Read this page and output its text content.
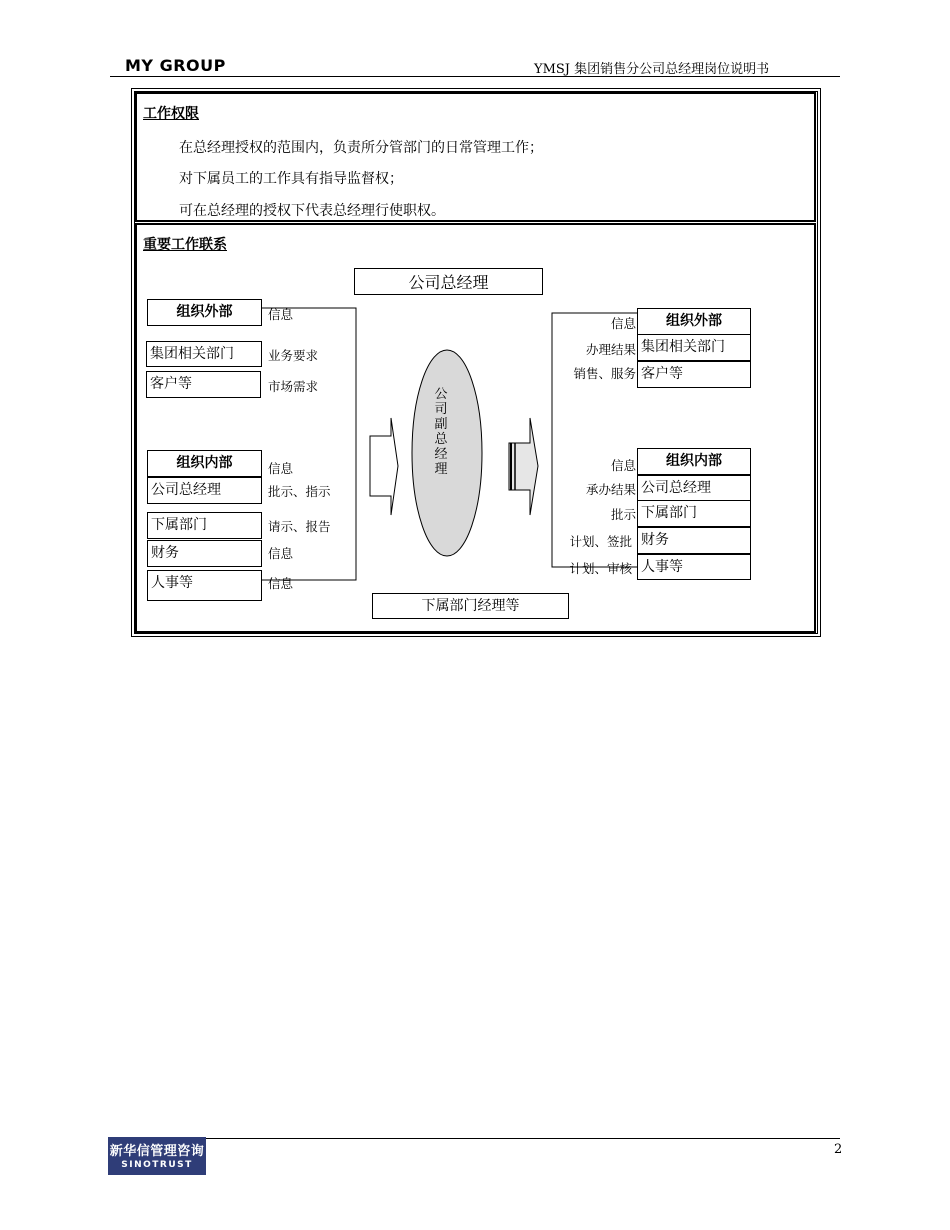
MY GROUP	YMSJ 集团销售分公司总经理岗位说明书
工作权限
在总经理授权的范围内，负责所分管部门的日常管理工作；
对下属员工的工作具有指导监督权；
可在总经理的授权下代表总经理行使职权。
重要工作联系
公司副总经理
公司总经理
下属部门经理等
组织外部	信息
集团相关部门	业务要求
客户等	市场需求
组织内部	信息
公司总经理	批示、指示
下属部门	请示、报告
财务	信息
人事等	信息
信息	组织外部
办理结果 集团相关部门
销售、服务 客户等
信息	组织内部
承办结果 公司总经理
批示 下属部门
计划、签批 财务
计划、审核 人事等
新华信管理咨询
SINOTRUST
2
